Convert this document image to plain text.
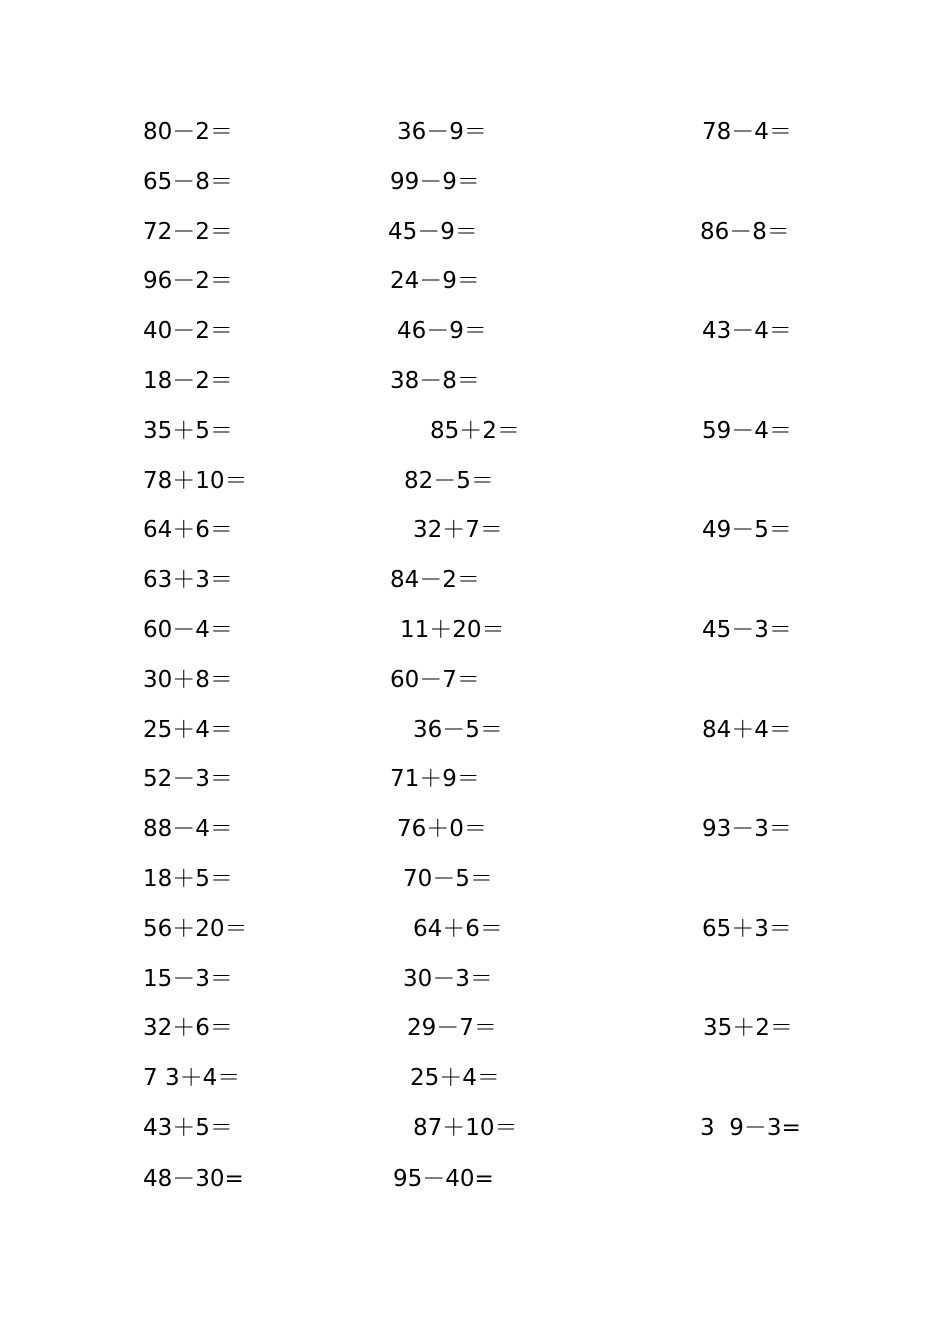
80－2＝	36－9＝	78－4＝
65－8＝	99－9＝
72－2＝	45－9＝	86－8＝
96－2＝	24－9＝
40－2＝	46－9＝	43－4＝
18－2＝	38－8＝
35＋5＝	85＋2＝	59－4＝
78＋10＝	82－5＝
64＋6＝	32＋7＝	49－5＝
63＋3＝	84－2＝
60－4＝	11＋20＝	45－3＝
30＋8＝	60－7＝
25＋4＝	36－5＝	84＋4＝
52－3＝	71＋9＝
88－4＝	76＋0＝	93－3＝
18＋5＝	70－5＝
56＋20＝	64＋6＝	65＋3＝
15－3＝	30－3＝
32＋6＝	29－7＝	35＋2＝
7 3＋4＝	25＋4＝
43＋5＝	87＋10＝	3  9－3=
48－30=	95－40=
